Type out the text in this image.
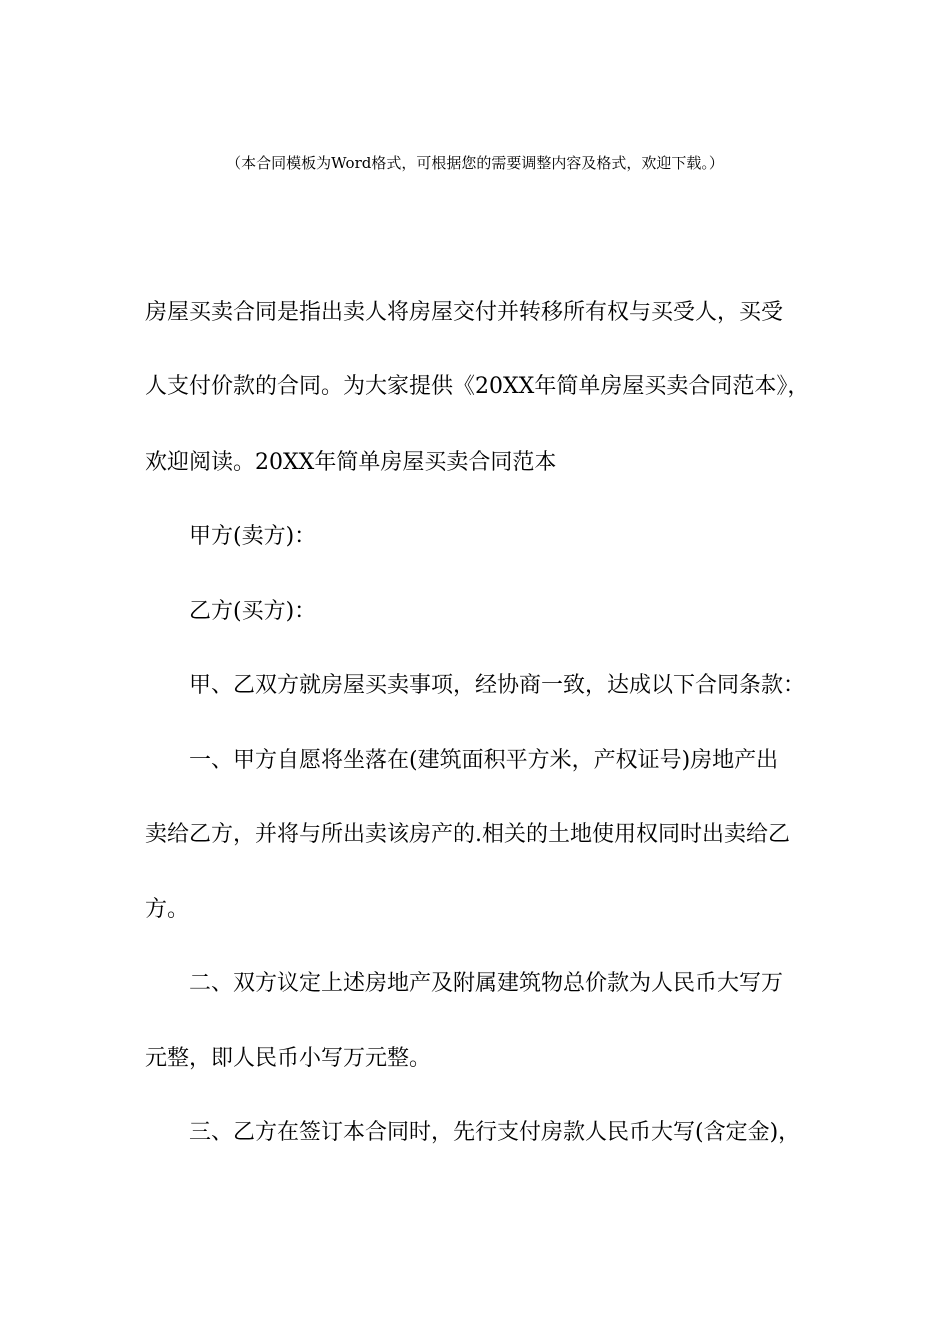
（本合同模板为Word格式，可根据您的需要调整内容及格式，欢迎下载。）
房屋买卖合同是指出卖人将房屋交付并转移所有权与买受人，买受
人支付价款的合同。为大家提供《20XX年简单房屋买卖合同范本》，
欢迎阅读。20XX年简单房屋买卖合同范本
甲方(卖方)：
乙方(买方)：
甲、乙双方就房屋买卖事项，经协商一致，达成以下合同条款：
一、甲方自愿将坐落在(建筑面积平方米，产权证号)房地产出
卖给乙方，并将与所出卖该房产的.相关的土地使用权同时出卖给乙
方。
二、双方议定上述房地产及附属建筑物总价款为人民币大写万
元整，即人民币小写万元整。
三、乙方在签订本合同时，先行支付房款人民币大写(含定金)，
